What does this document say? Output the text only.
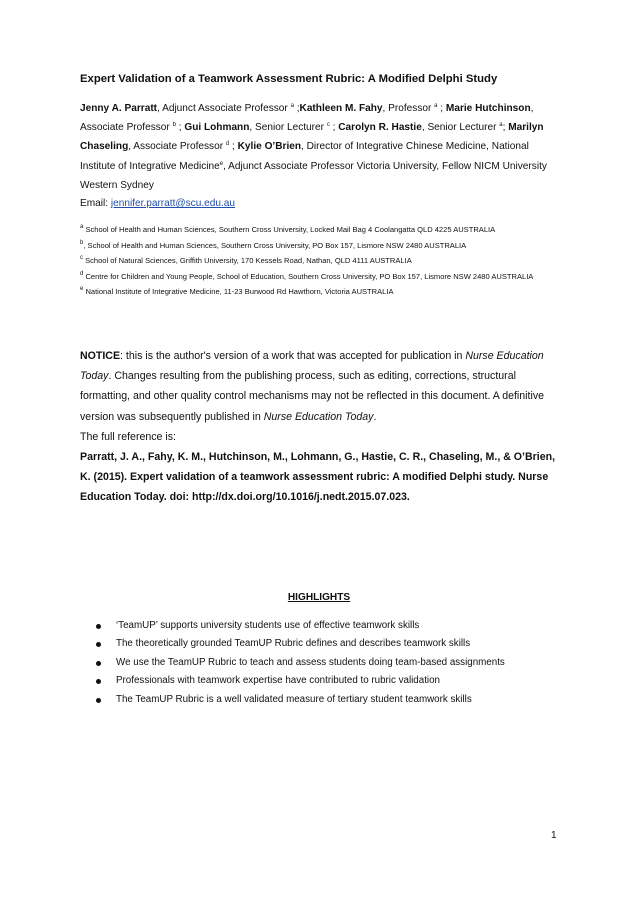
Expert Validation of a Teamwork Assessment Rubric: A Modified Delphi Study
Jenny A. Parratt, Adjunct Associate Professor $^a$ ;Kathleen M. Fahy, Professor $^a$ ; Marie Hutchinson, Associate Professor $^b$ ; Gui Lohmann, Senior Lecturer $^c$ ; Carolyn R. Hastie, Senior Lecturer $^a$; Marilyn Chaseling, Associate Professor $^d$ ; Kylie O’Brien, Director of Integrative Chinese Medicine, National Institute of Integrative Medicine$^e$, Adjunct Associate Professor Victoria University, Fellow NICM University Western Sydney
Email: jennifer.parratt@scu.edu.au
$^a$ School of Health and Human Sciences, Southern Cross University, Locked Mail Bag 4 Coolangatta QLD 4225 AUSTRALIA
$^b$, School of Health and Human Sciences, Southern Cross University, PO Box 157, Lismore NSW 2480 AUSTRALIA
$^c$ School of Natural Sciences, Griffith University, 170 Kessels Road, Nathan, QLD 4111 AUSTRALIA
$^d$ Centre for Children and Young People, School of Education, Southern Cross University, PO Box 157, Lismore NSW 2480 AUSTRALIA
$^e$ National Institute of Integrative Medicine, 11-23 Burwood Rd Hawthorn, Victoria AUSTRALIA
NOTICE: this is the author's version of a work that was accepted for publication in Nurse Education Today. Changes resulting from the publishing process, such as editing, corrections, structural formatting, and other quality control mechanisms may not be reflected in this document. A definitive version was subsequently published in Nurse Education Today.
The full reference is:
Parratt, J. A., Fahy, K. M., Hutchinson, M., Lohmann, G., Hastie, C. R., Chaseling, M., & O’Brien, K. (2015). Expert validation of a teamwork assessment rubric: A modified Delphi study. Nurse Education Today. doi: http://dx.doi.org/10.1016/j.nedt.2015.07.023.
HIGHLIGHTS
‘TeamUP’ supports university students use of effective teamwork skills
The theoretically grounded TeamUP Rubric defines and describes teamwork skills
We use the TeamUP Rubric to teach and assess students doing team-based assignments
Professionals with teamwork expertise have contributed to rubric validation
The TeamUP Rubric is a well validated measure of tertiary student teamwork skills
1
